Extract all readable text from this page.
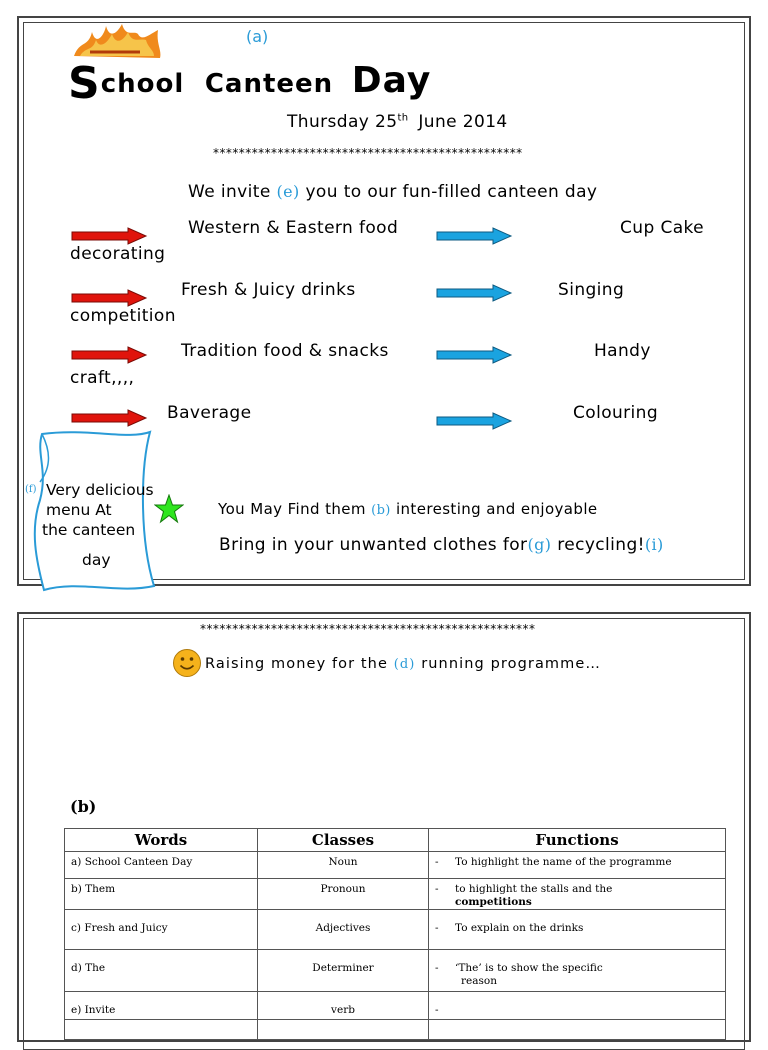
(a)
School Canteen Day
Thursday 25th June 2014
************************************************
We invite (e) you to our fun-filled canteen day
Western & Eastern food	Cup Cake
decorating
Fresh & Juicy drinks	Singing
competition
Tradition food & snacks	Handy
craft,,,,
Baverage	Colouring
(f) Very delicious
menu At
the canteen
day
You May Find them (b) interesting and enjoyable
Bring in your unwanted clothes for(g) recycling!(i)
****************************************************
Raising money for the (d) running programme…
(b)
Words	Classes	Functions
a) School Canteen Day	Noun	- To highlight the name of the programme
b) Them	Pronoun	- to highlight the stalls and the
competitions
c) Fresh and Juicy	Adjectives	- To explain on the drinks
d) The	Determiner	- ‘The’ is to show the specific
reason
e) Invite	verb	-
